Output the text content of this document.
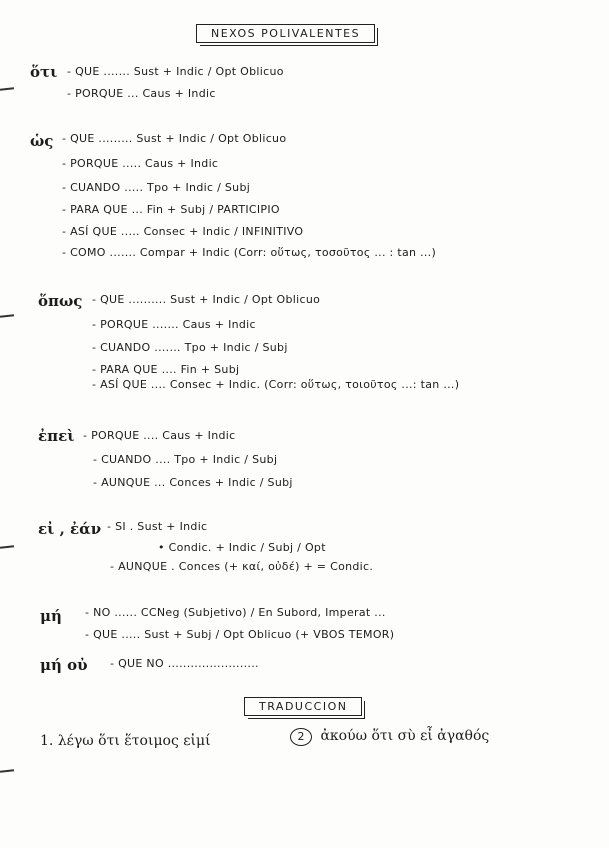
NEXOS POLIVALENTES
ὅτι - QUE ....... Sust + Indic / Opt Oblicuo
- PORQUE ... Caus + Indic
ὡς - QUE ......... Sust + Indic / Opt Oblicuo
- PORQUE ..... Caus + Indic
- CUANDO ..... Tpo + Indic / Subj
- PARA QUE ... Fin + Subj / PARTICIPIO
- ASÍ QUE ..... Consec + Indic / INFINITIVO
- COMO ....... Compar + Indic (Corr: οὕτως, τοσοῦτος ... : tan ...)
ὅπως - QUE .......... Sust + Indic / Opt Oblicuo
- PORQUE ....... Caus + Indic
- CUANDO ....... Tpo + Indic / Subj
- PARA QUE .... Fin + Subj
- ASÍ QUE .... Consec + Indic. (Corr: οὕτως, τοιοῦτος ...: tan ...)
ἐπεὶ - PORQUE .... Caus + Indic
- CUANDO .... Tpo + Indic / Subj
- AUNQUE ... Conces + Indic / Subj
εἰ , ἐάν - SI . Sust + Indic
• Condic. + Indic / Subj / Opt
- AUNQUE . Conces (+ καί, οὐδέ) + = Condic.
μή - NO ...... CCNeg (Subjetivo) / En Subord, Imperat ...
- QUE ..... Sust + Subj / Opt Oblicuo (+ VBOS TEMOR)
μή οὐ - QUE NO ........................
TRADUCCION
1. λέγω ὅτι ἕτοιμος εἰμί	2 ἀκούω ὅτι σὺ εἶ ἀγαθός
